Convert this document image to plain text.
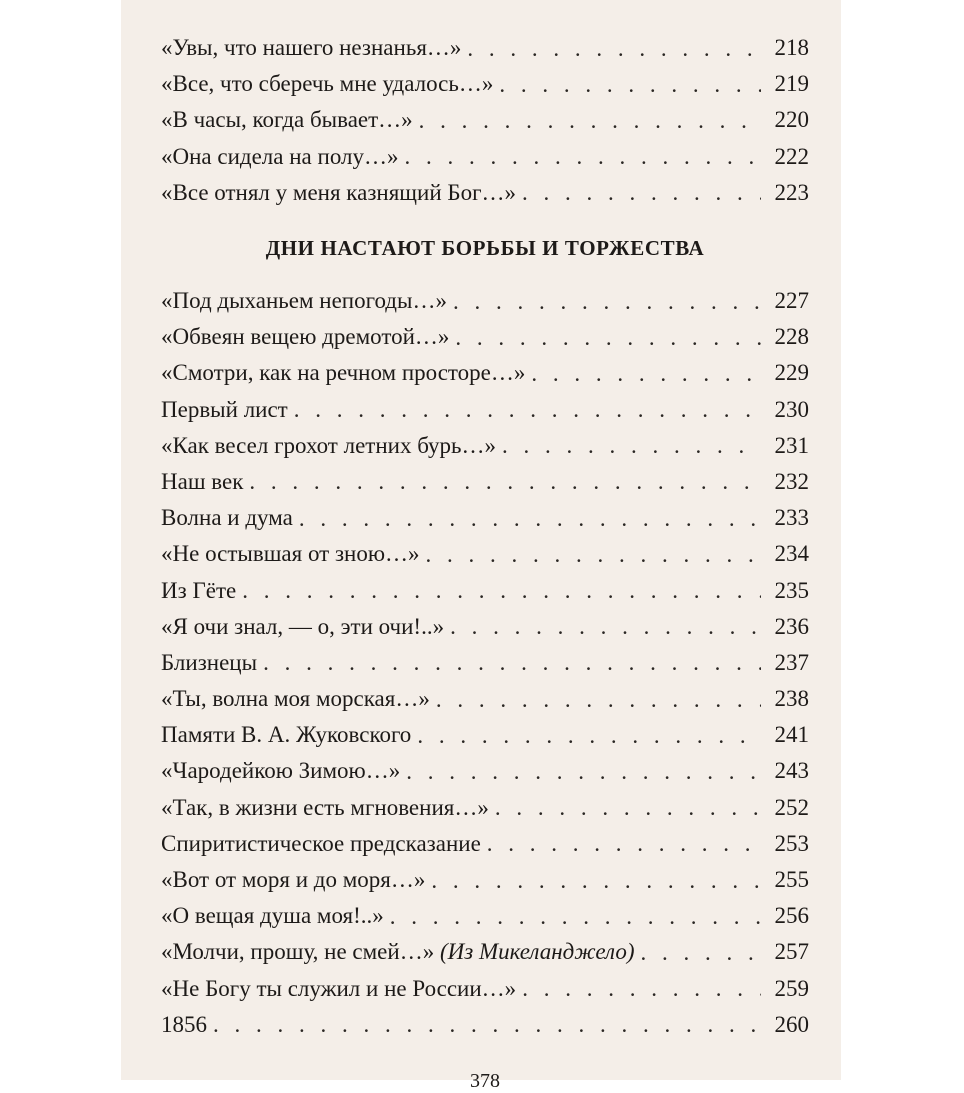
«Увы, что нашего незнанья…» . . .	218
«Все, что сберечь мне удалось…» . . .	219
«В часы, когда бывает…» . . .	220
«Она сидела на полу…» . . .	222
«Все отнял у меня казнящий Бог…» . . .	223
ДНИ НАСТАЮТ БОРЬБЫ И ТОРЖЕСТВА
«Под дыханьем непогоды…» . . .	227
«Обвеян вещею дремотой…» . . .	228
«Смотри, как на речном просторе…» . . .	229
Первый лист . . .	230
«Как весел грохот летних бурь…» . . .	231
Наш век . . .	232
Волна и дума . . .	233
«Не остывшая от зною…» . . .	234
Из Гёте . . .	235
«Я очи знал, — о, эти очи!..» . . .	236
Близнецы . . .	237
«Ты, волна моя морская…» . . .	238
Памяти В. А. Жуковского . . .	241
«Чародейкою Зимою…» . . .	243
«Так, в жизни есть мгновения…» . . .	252
Спиритистическое предсказание . . .	253
«Вот от моря и до моря…» . . .	255
«О вещая душа моя!..» . . .	256
«Молчи, прошу, не смей…» (Из Микеланджело) . . .	257
«Не Богу ты служил и не России…» . . .	259
1856 . . .	260
378
